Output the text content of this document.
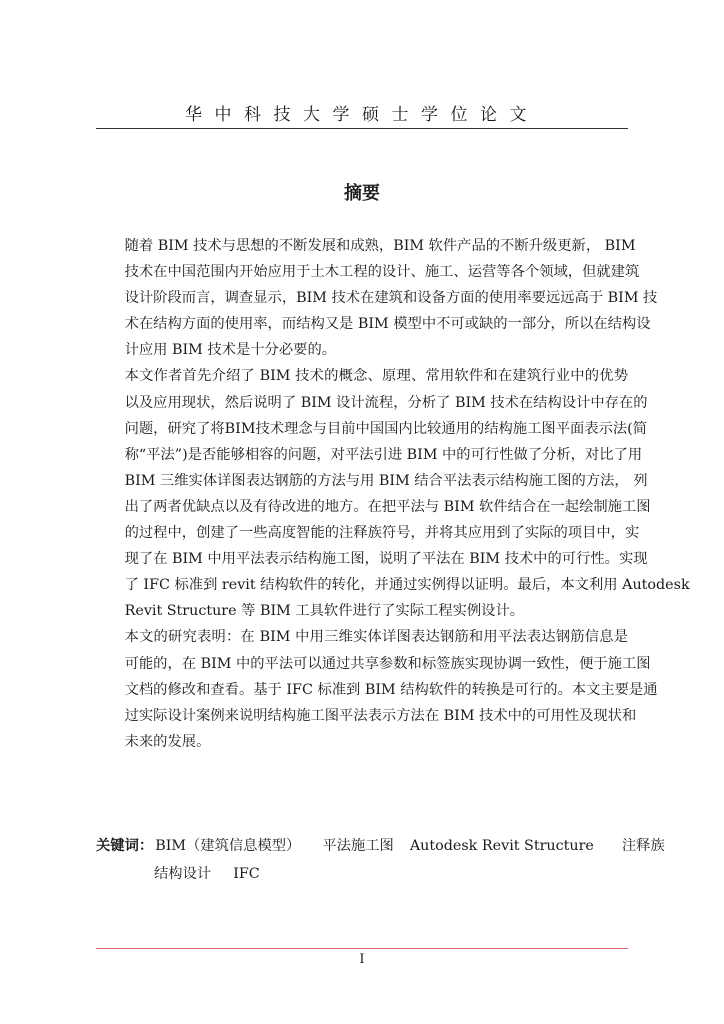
华中科技大学硕士学位论文
摘要
随着 BIM 技术与思想的不断发展和成熟，BIM 软件产品的不断升级更新， BIM
技术在中国范围内开始应用于土木工程的设计、施工、运营等各个领域，但就建筑
设计阶段而言，调查显示，BIM 技术在建筑和设备方面的使用率要远远高于 BIM 技
术在结构方面的使用率，而结构又是 BIM 模型中不可或缺的一部分，所以在结构设
计应用 BIM 技术是十分必要的。
本文作者首先介绍了 BIM 技术的概念、原理、常用软件和在建筑行业中的优势
以及应用现状，然后说明了 BIM 设计流程，分析了 BIM 技术在结构设计中存在的
问题，研究了将BIM技术理念与目前中国国内比较通用的结构施工图平面表示法(简
称“平法”)是否能够相容的问题，对平法引进 BIM 中的可行性做了分析，对比了用
BIM 三维实体详图表达钢筋的方法与用 BIM 结合平法表示结构施工图的方法， 列
出了两者优缺点以及有待改进的地方。在把平法与 BIM 软件结合在一起绘制施工图
的过程中，创建了一些高度智能的注释族符号，并将其应用到了实际的项目中，实
现了在 BIM 中用平法表示结构施工图，说明了平法在 BIM 技术中的可行性。实现
了 IFC 标准到 revit 结构软件的转化，并通过实例得以证明。最后，本文利用 Autodesk
Revit Structure 等 BIM 工具软件进行了实际工程实例设计。
本文的研究表明：在 BIM 中用三维实体详图表达钢筋和用平法表达钢筋信息是
可能的，在 BIM 中的平法可以通过共享参数和标签族实现协调一致性，便于施工图
文档的修改和查看。基于 IFC 标准到 BIM 结构软件的转换是可行的。本文主要是通
过实际设计案例来说明结构施工图平法表示方法在 BIM 技术中的可用性及现状和
未来的发展。
关键词： BIM（建筑信息模型） 平法施工图 Autodesk Revit Structure 注释族
结构设计 IFC
I
